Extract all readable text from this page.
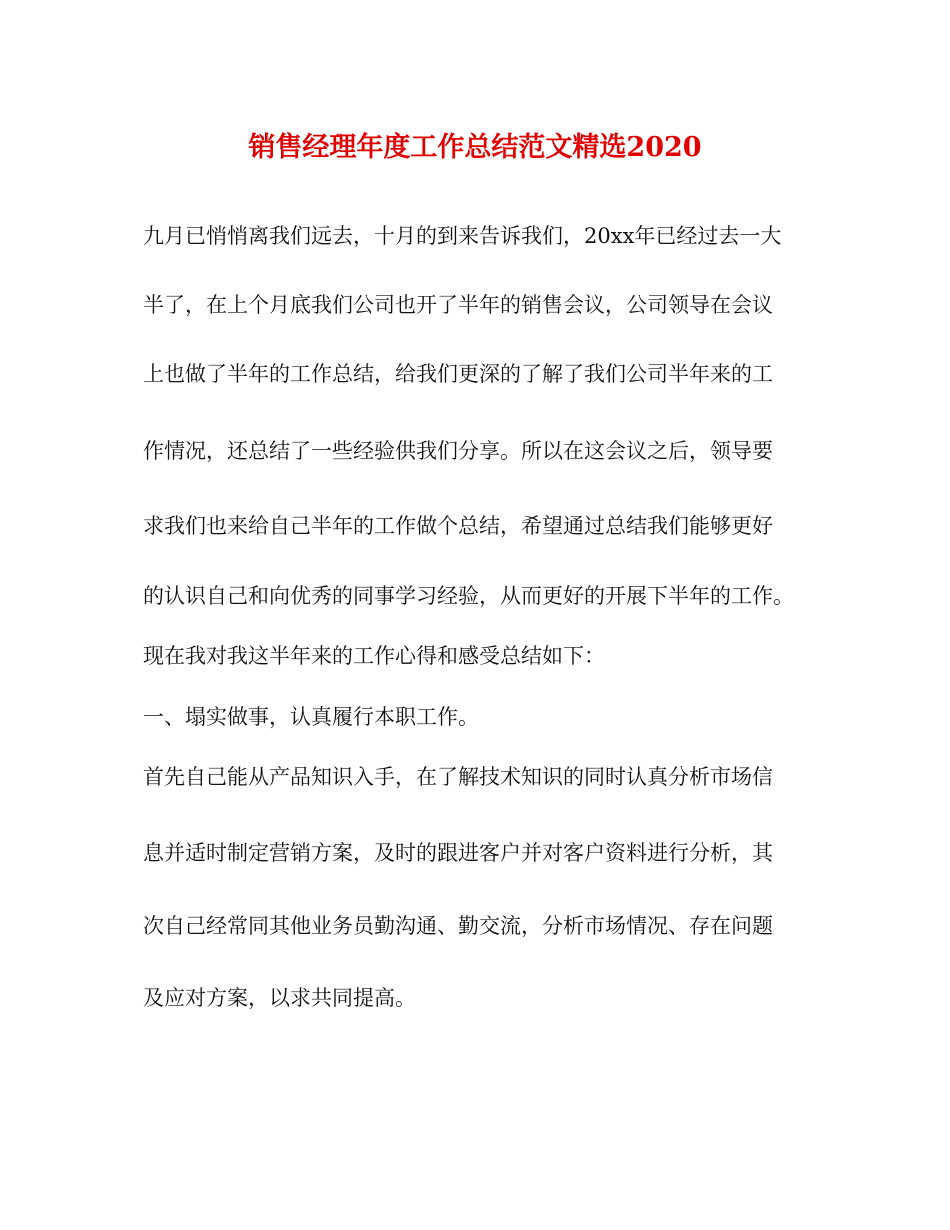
销售经理年度工作总结范文精选2020
九月已悄悄离我们远去，十月的到来告诉我们，20xx年已经过去一大
半了，在上个月底我们公司也开了半年的销售会议，公司领导在会议
上也做了半年的工作总结，给我们更深的了解了我们公司半年来的工
作情况，还总结了一些经验供我们分享。所以在这会议之后，领导要
求我们也来给自己半年的工作做个总结，希望通过总结我们能够更好
的认识自己和向优秀的同事学习经验，从而更好的开展下半年的工作。
现在我对我这半年来的工作心得和感受总结如下：
一、塌实做事，认真履行本职工作。
首先自己能从产品知识入手，在了解技术知识的同时认真分析市场信
息并适时制定营销方案，及时的跟进客户并对客户资料进行分析，其
次自己经常同其他业务员勤沟通、勤交流，分析市场情况、存在问题
及应对方案，以求共同提高。
